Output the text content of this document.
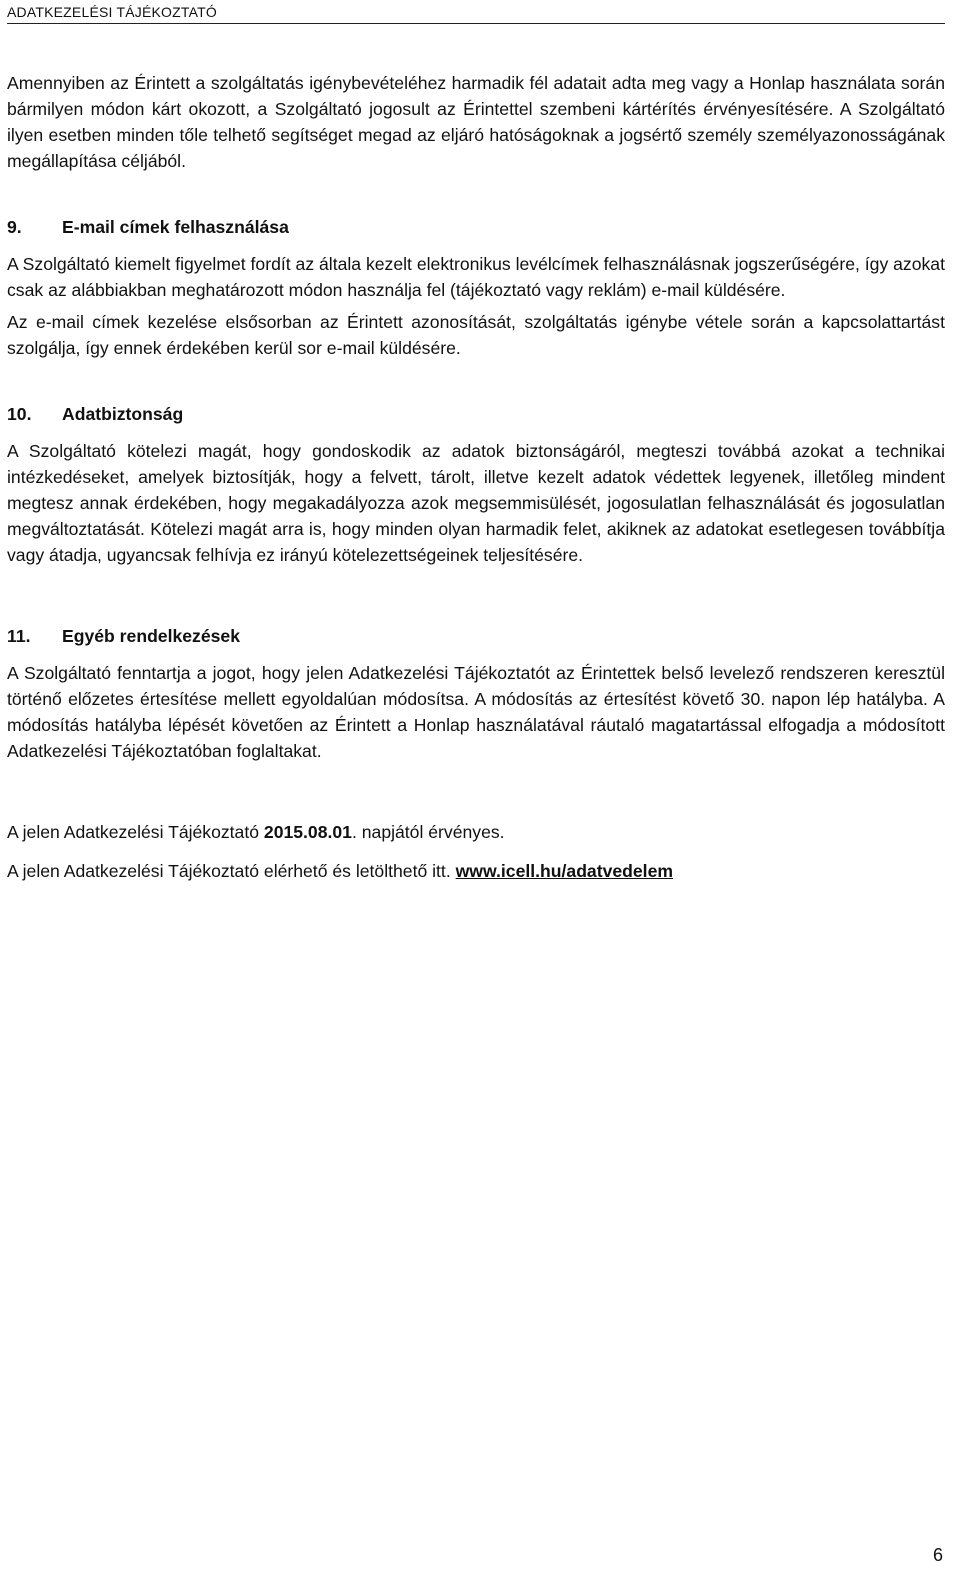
ADATKEZELÉSI TÁJÉKOZTATÓ

Amennyiben az Érintett a szolgáltatás igénybevételéhez harmadik fél adatait adta meg vagy a Honlap használata során bármilyen módon kárt okozott, a Szolgáltató jogosult az Érintettel szembeni kártérítés érvényesítésére. A Szolgáltató ilyen esetben minden tőle telhető segítséget megad az eljáró hatóságoknak a jogsértő személy személyazonosságának megállapítása céljából.

9.	E-mail címek felhasználása

A Szolgáltató kiemelt figyelmet fordít az általa kezelt elektronikus levélcímek felhasználásnak jogszerűségére, így azokat csak az alábbiakban meghatározott módon használja fel (tájékoztató vagy reklám) e-mail küldésére.

Az e-mail címek kezelése elsősorban az Érintett azonosítását, szolgáltatás igénybe vétele során a kapcsolattartást szolgálja, így ennek érdekében kerül sor e-mail küldésére.

10.	Adatbiztonság

A Szolgáltató kötelezi magát, hogy gondoskodik az adatok biztonságáról, megteszi továbbá azokat a technikai intézkedéseket, amelyek biztosítják, hogy a felvett, tárolt, illetve kezelt adatok védettek legyenek, illetőleg mindent megtesz annak érdekében, hogy megakadályozza azok megsemmisülését, jogosulatlan felhasználását és jogosulatlan megváltoztatását. Kötelezi magát arra is, hogy minden olyan harmadik felet, akiknek az adatokat esetlegesen továbbítja vagy átadja, ugyancsak felhívja ez irányú kötelezettségeinek teljesítésére.

11.	Egyéb rendelkezések

A Szolgáltató fenntartja a jogot, hogy jelen Adatkezelési Tájékoztatót az Érintettek belső levelező rendszeren keresztül történő előzetes értesítése mellett egyoldalúan módosítsa. A módosítás az értesítést követő 30. napon lép hatályba. A módosítás hatályba lépését követően az Érintett a Honlap használatával ráutaló magatartással elfogadja a módosított Adatkezelési Tájékoztatóban foglaltakat.

A jelen Adatkezelési Tájékoztató 2015.08.01. napjától érvényes.

A jelen Adatkezelési Tájékoztató elérhető és letölthető itt. www.icell.hu/adatvedelem

6
